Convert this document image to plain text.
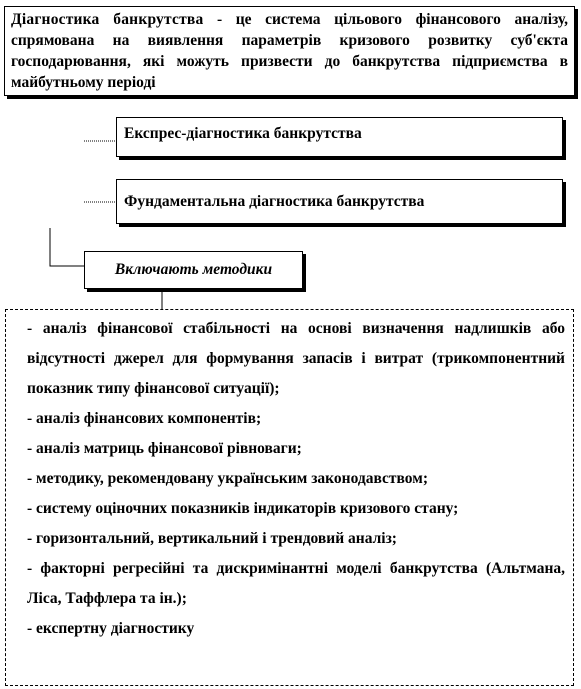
Діагностика банкрутства - це система цільового фінансового аналізу, спрямована на виявлення параметрів кризового розвитку суб'єкта господарювання, які можуть призвести до банкрутства підприємства в майбутньому періоді
Експрес-діагностика банкрутства
Фундаментальна діагностика банкрутства
Включають методики
- аналіз фінансової стабільності на основі визначення надлишків або відсутності джерел для формування запасів і витрат (трикомпонентний показник типу фінансової ситуації);
- аналіз фінансових компонентів;
- аналіз матриць фінансової рівноваги;
- методику, рекомендовану українським законодавством;
- систему оціночних показників індикаторів кризового стану;
- горизонтальний, вертикальний і трендовий аналіз;
- факторні регресійні та дискримінантні моделі банкрутства (Альтмана, Ліса, Таффлера та ін.);
- експертну діагностику
